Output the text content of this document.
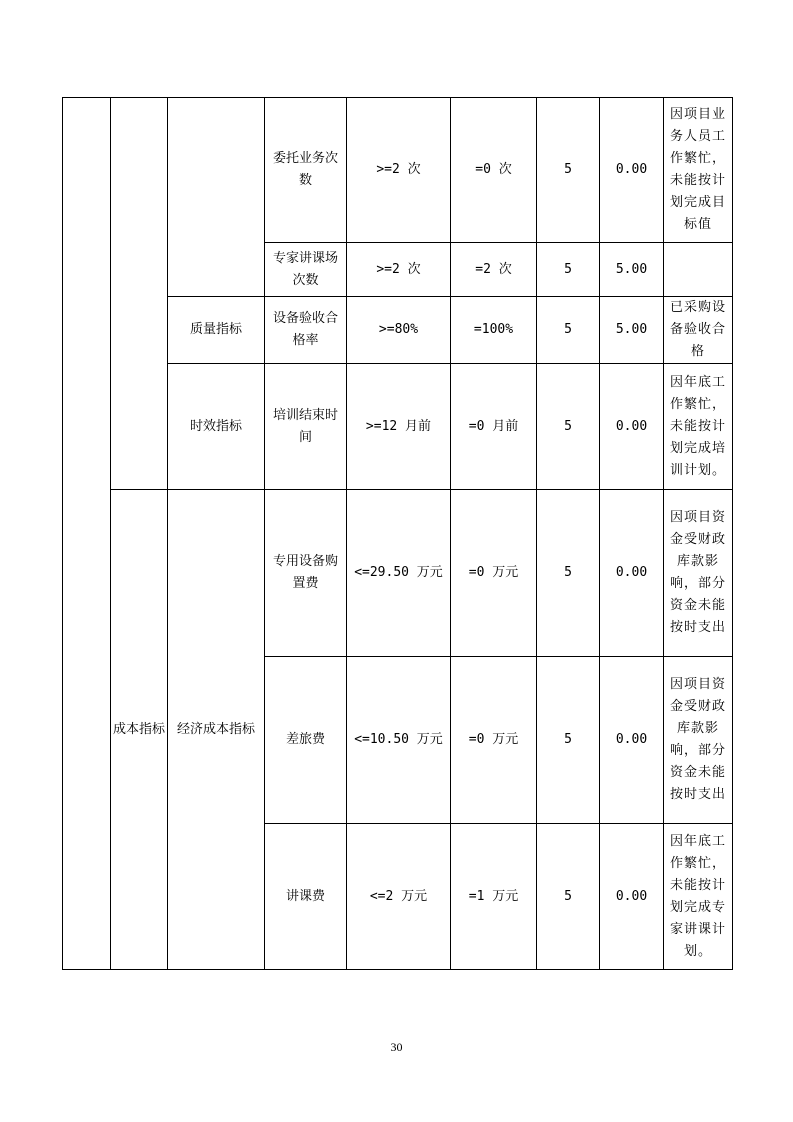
			委托业务次数	>=2 次	=0 次	5	0.00	因项目业务人员工作繁忙，未能按计划完成目标值
			专家讲课场次数	>=2 次	=2 次	5	5.00	
		质量指标	设备验收合格率	>=80%	=100%	5	5.00	已采购设备验收合格
		时效指标	培训结束时间	>=12 月前	=0 月前	5	0.00	因年底工作繁忙，未能按计划完成培训计划。
	成本指标	经济成本指标	专用设备购置费	<=29.50 万元	=0 万元	5	0.00	因项目资金受财政库款影响，部分资金未能按时支出
			差旅费	<=10.50 万元	=0 万元	5	0.00	因项目资金受财政库款影响，部分资金未能按时支出
			讲课费	<=2 万元	=1 万元	5	0.00	因年底工作繁忙，未能按计划完成专家讲课计划。
30
